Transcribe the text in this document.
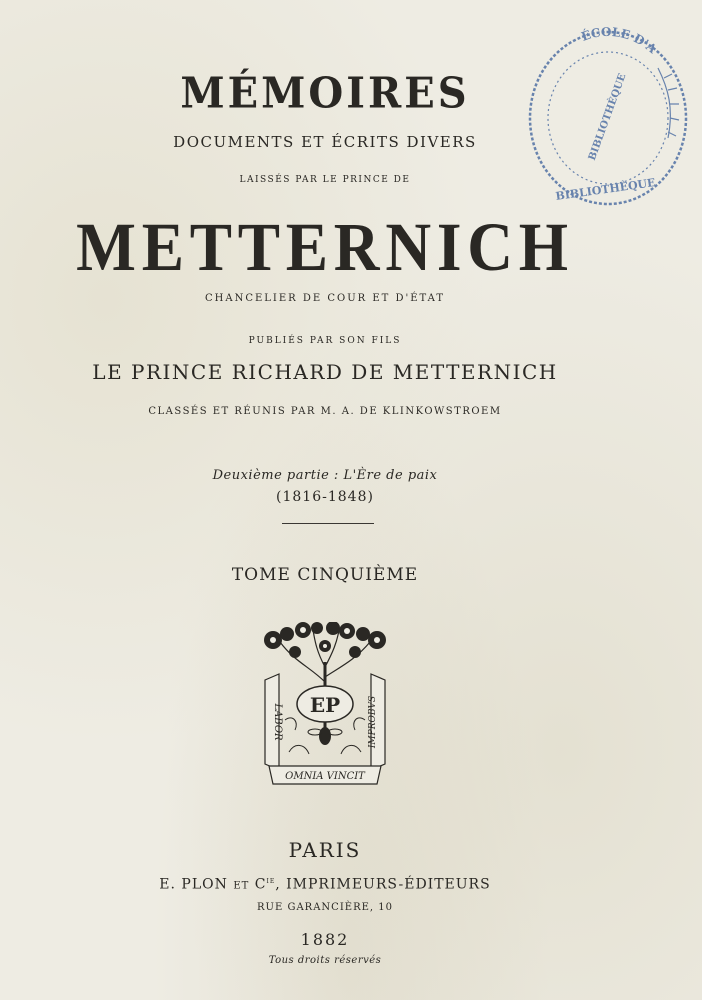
MÉMOIRES
DOCUMENTS ET ÉCRITS DIVERS
LAISSÉS PAR LE PRINCE DE
METTERNICH
CHANCELIER DE COUR ET D'ÉTAT
PUBLIÉS PAR SON FILS
LE PRINCE RICHARD DE METTERNICH
CLASSÉS ET RÉUNIS PAR M. A. DE KLINKOWSTROEM
Deuxième partie : L'Ère de paix
(1816-1848)
TOME CINQUIÈME
EP
OMNIA VINCIT
LABOR	IMPROBVS
PARIS
E. PLON ET $C^{ie}$, IMPRIMEURS-ÉDITEURS
RUE GARANCIÈRE, 10
1882
Tous droits réservés
ÉCOLE D'A
BIBLIOTHÈQUE
BIBLIOTHÈQUE
